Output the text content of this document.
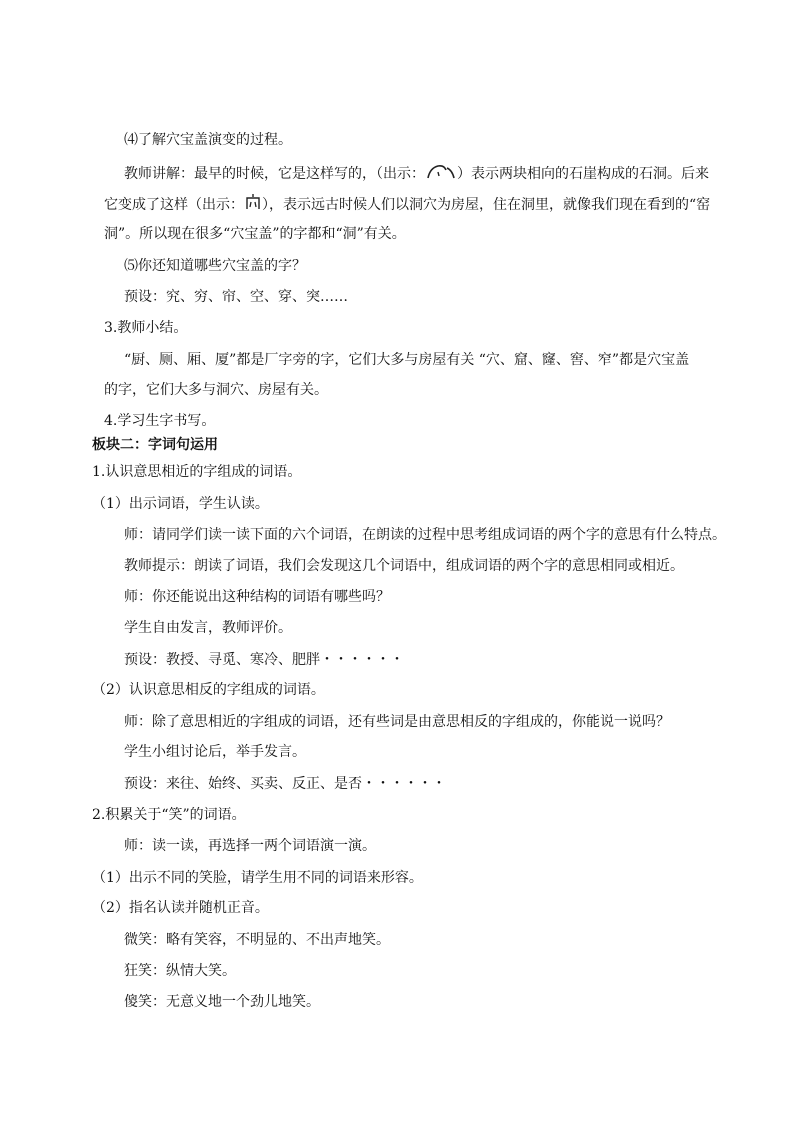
⑷了解穴宝盖演变的过程。
教师讲解：最早的时候，它是这样写的，（出示： ）表示两块相向的石崖构成的石洞。后来
它变成了这样（出示： ），表示远古时候人们以洞穴为房屋，住在洞里，就像我们现在看到的“窑
洞”。所以现在很多“穴宝盖”的字都和“洞”有关。
⑸你还知道哪些穴宝盖的字？
预设：究、穷、帘、空、穿、突……
3.教师小结。
“厨、厕、厢、厦”都是厂字旁的字，它们大多与房屋有关 “穴、窟、窿、窖、窄”都是穴宝盖
的字，它们大多与洞穴、房屋有关。
4.学习生字书写。
板块二：字词句运用
1.认识意思相近的字组成的词语。
（1）出示词语，学生认读。
师：请同学们读一读下面的六个词语，在朗读的过程中思考组成词语的两个字的意思有什么特点。
教师提示：朗读了词语，我们会发现这几个词语中，组成词语的两个字的意思相同或相近。
师：你还能说出这种结构的词语有哪些吗？
学生自由发言，教师评价。
预设：教授、寻觅、寒冷、肥胖・・・・・・
（2）认识意思相反的字组成的词语。
师：除了意思相近的字组成的词语，还有些词是由意思相反的字组成的，你能说一说吗？
学生小组讨论后，举手发言。
预设：来往、始终、买卖、反正、是否・・・・・・
2.积累关于“笑”的词语。
师：读一读，再选择一两个词语演一演。
（1）出示不同的笑脸，请学生用不同的词语来形容。
（2）指名认读并随机正音。
微笑：略有笑容，不明显的、不出声地笑。
狂笑：纵情大笑。
傻笑：无意义地一个劲儿地笑。
